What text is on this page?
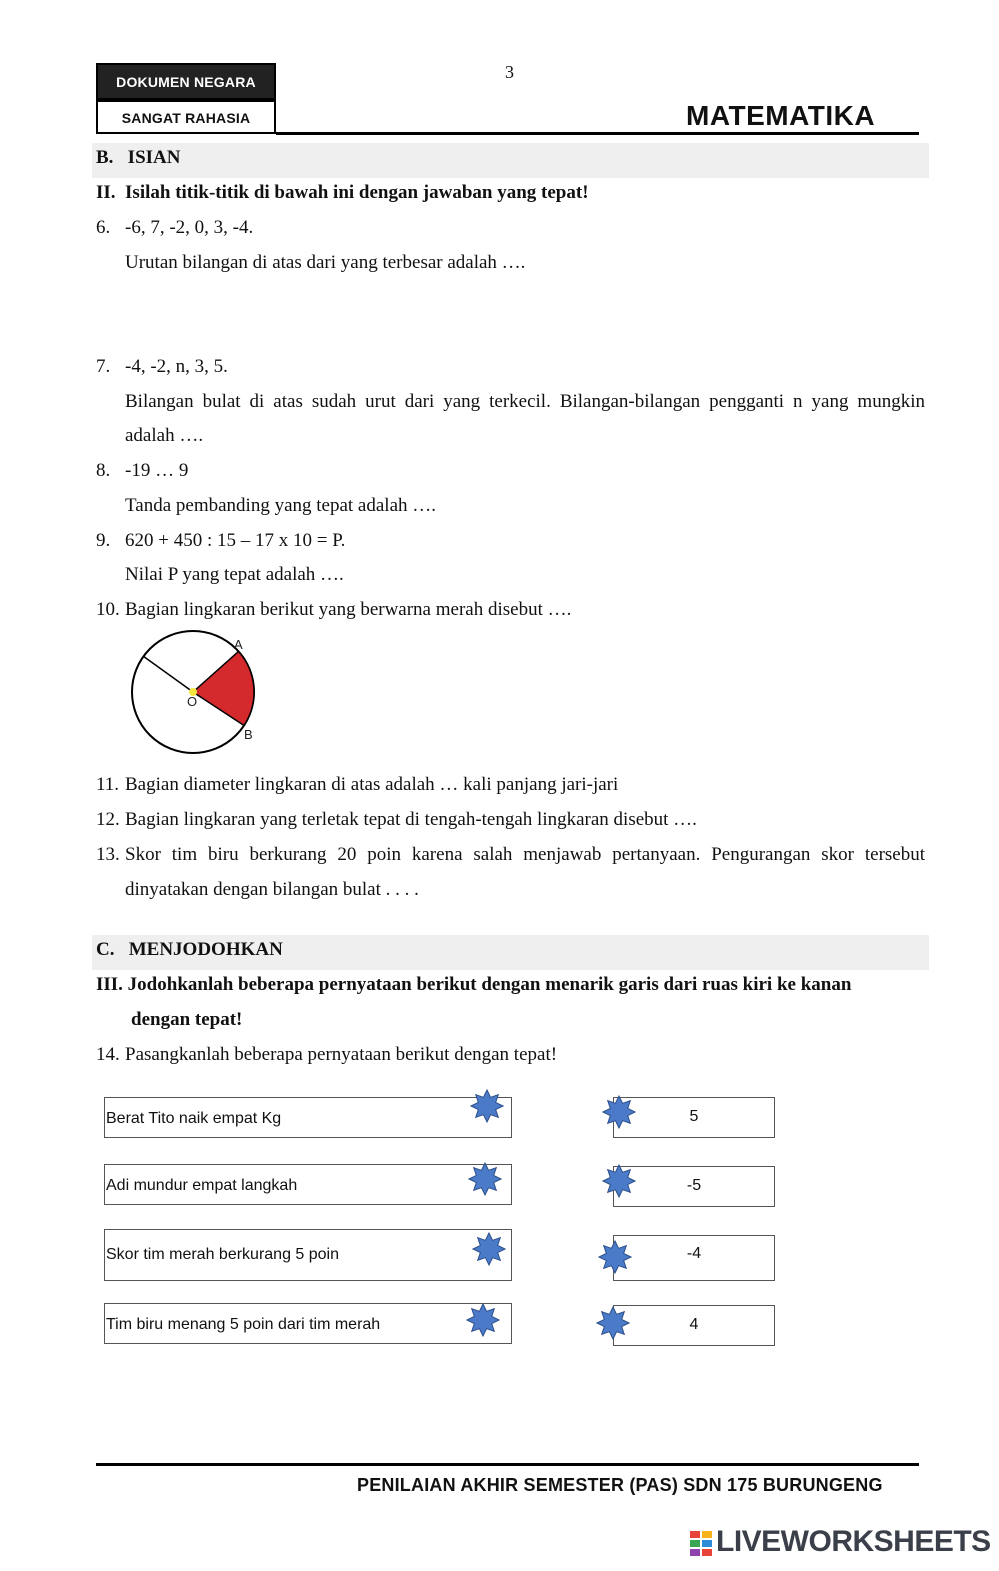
DOKUMEN NEGARA
SANGAT RAHASIA
3
MATEMATIKA
B.   ISIAN
II.  Isilah titik-titik di bawah ini dengan jawaban yang tepat!
6. -6, 7, -2, 0, 3, -4.
Urutan bilangan di atas dari yang terbesar adalah ….
7. -4, -2, n, 3, 5.
Bilangan bulat di atas sudah urut dari yang terkecil. Bilangan-bilangan pengganti n yang mungkin
adalah ….
8. -19 … 9
Tanda pembanding yang tepat adalah ….
9. 620 + 450 : 15 – 17 x 10 = P.
Nilai P yang tepat adalah ….
10. Bagian lingkaran berikut yang berwarna merah disebut ….
A
B
O
11. Bagian diameter lingkaran di atas adalah … kali panjang jari-jari
12. Bagian lingkaran yang terletak tepat di tengah-tengah lingkaran disebut ….
13. Skor tim biru berkurang 20 poin karena salah menjawab pertanyaan. Pengurangan skor tersebut
dinyatakan dengan bilangan bulat . . . .
C.   MENJODOHKAN
III. Jodohkanlah beberapa pernyataan berikut dengan menarik garis dari ruas kiri ke kanan
dengan tepat!
14. Pasangkanlah beberapa pernyataan berikut dengan tepat!
Berat Tito naik empat Kg
Adi mundur empat langkah
Skor tim merah berkurang 5 poin
Tim biru menang 5 poin dari tim merah
5
-5
-4
4
PENILAIAN AKHIR SEMESTER (PAS) SDN 175 BURUNGENG
LIVEWORKSHEETS
